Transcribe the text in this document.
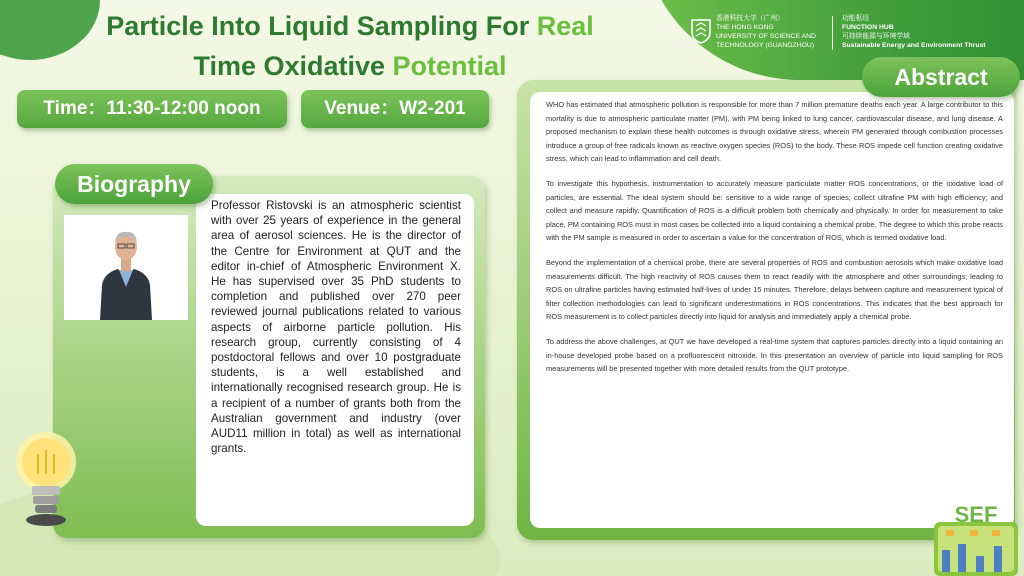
Particle Into Liquid Sampling For Real
Time Oxidative Potential
香港科技大学（广州）
THE HONG KONG
UNIVERSITY OF SCIENCE AND
TECHNOLOGY (GUANGZHOU)
功能枢纽
FUNCTION HUB
可持续能源与环境学域
Sustainable Energy and Environment Thrust
Time：11:30-12:00 noon	Venue：W2-201
Biography
Professor Ristovski is an atmospheric scientist with over 25 years of experience in the general area of aerosol sciences. He is the director of the Centre for Environment at QUT and the editor in-chief of Atmospheric Environment X. He has supervised over 35 PhD students to completion and published over 270 peer reviewed journal publications related to various aspects of airborne particle pollution. His research group, currently consisting of 4 postdoctoral fellows and over 10 postgraduate students, is a well established and internationally recognised research group. He is a recipient of a number of grants both from the Australian government and industry (over AUD11 million in total) as well as international grants.
Abstract

WHO has estimated that atmospheric pollution is responsible for more than 7 million premature deaths each year. A large contributor to this mortality is due to atmospheric particulate matter (PM), with PM being linked to lung cancer, cardiovascular disease, and lung disease. A proposed mechanism to explain these health outcomes is through oxidative stress, wherein PM generated through combustion processes introduce a group of free radicals known as reactive oxygen species (ROS) to the body. These ROS impede cell function creating oxidative stress, which can lead to inflammation and cell death.

To investigate this hypothesis, instrumentation to accurately measure particulate matter ROS concentrations, or the oxidative load of particles, are essential. The ideal system should be: sensitive to a wide range of species; collect ultrafine PM with high efficiency; and collect and measure rapidly. Quantification of ROS is a difficult problem both chemically and physically. In order for measurement to take place, PM containing ROS must in most cases be collected into a liquid containing a chemical probe. The degree to which this probe reacts with the PM sample is measured in order to ascertain a value for the concentration of ROS, which is termed oxidative load.

Beyond the implementation of a chemical probe, there are several properties of ROS and combustion aerosols which make oxidative load measurements difficult. The high reactivity of ROS causes them to react readily with the atmosphere and other surroundings; leading to ROS on ultrafine particles having estimated half-lives of under 15 minutes. Therefore, delays between capture and measurement typical of filter collection methodologies can lead to significant underestimations in ROS concentrations. This indicates that the best approach for ROS measurement is to collect particles directly into liquid for analysis and immediately apply a chemical probe.

To address the above challenges, at QUT we have developed a real-time system that captures particles directly into a liquid containing an in-house developed probe based on a profluorescent nitroxide. In this presentation an overview of particle into liquid sampling for ROS measurements will be presented together with more detailed results from the QUT prototype.

SEF
